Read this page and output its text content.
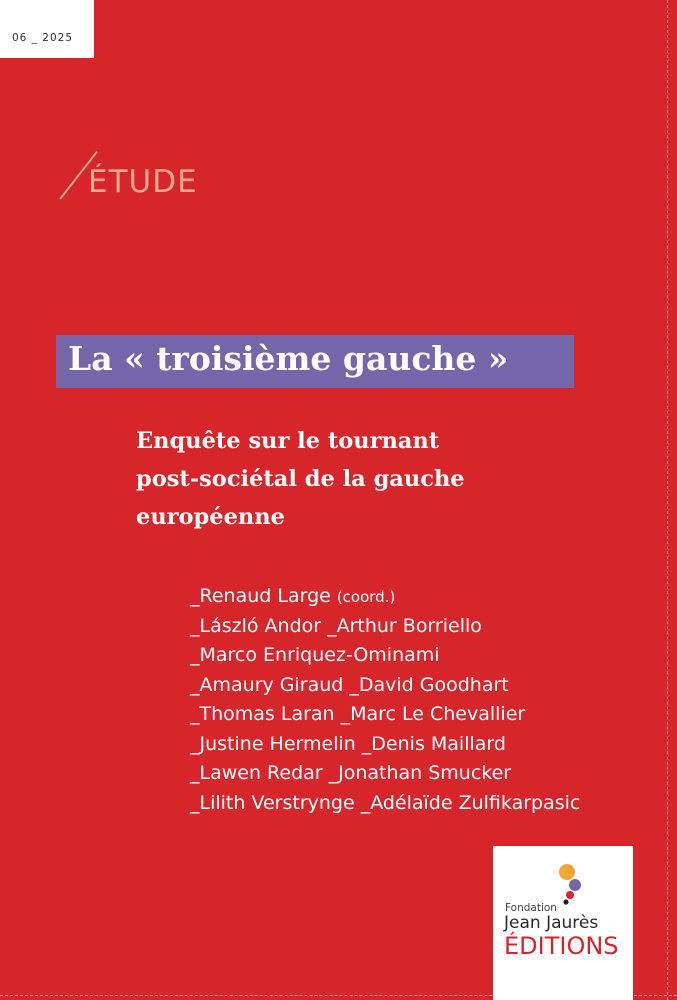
06 _ 2025
ÉTUDE
La « troisième gauche »
Enquête sur le tournant
post-sociétal de la gauche
européenne
_Renaud Large (coord.)
_László Andor _Arthur Borriello
_Marco Enriquez-Ominami
_Amaury Giraud _David Goodhart
_Thomas Laran _Marc Le Chevallier
_Justine Hermelin _Denis Maillard
_Lawen Redar _Jonathan Smucker
_Lilith Verstrynge _Adélaïde Zulfikarpasic
Fondation
Jean Jaurès
ÉDITIONS
